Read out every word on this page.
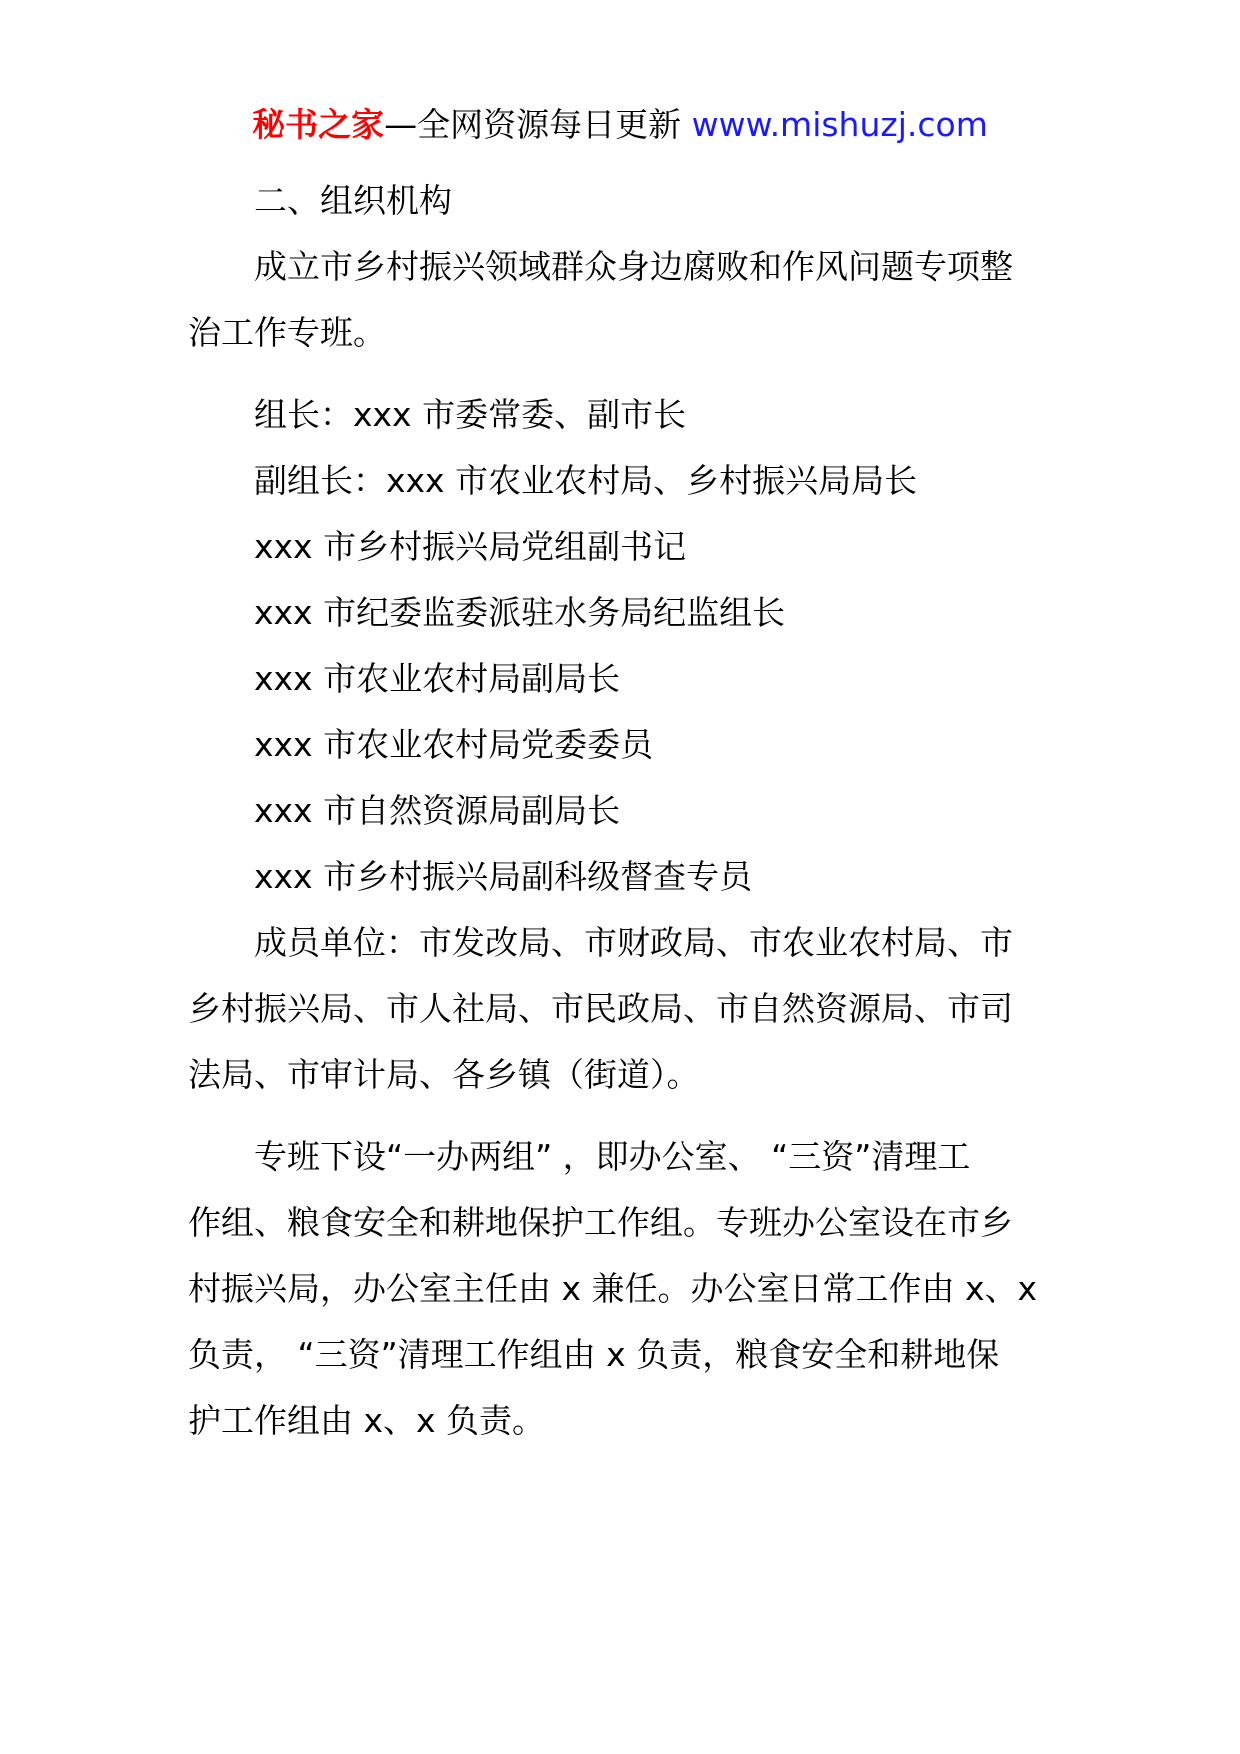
秘书之家—全网资源每日更新 www.mishuzj.com
二、组织机构
成立市乡村振兴领域群众身边腐败和作风问题专项整
治工作专班。
组长：xxx 市委常委、副市长
副组长：xxx 市农业农村局、乡村振兴局局长
xxx 市乡村振兴局党组副书记
xxx 市纪委监委派驻水务局纪监组长
xxx 市农业农村局副局长
xxx 市农业农村局党委委员
xxx 市自然资源局副局长
xxx 市乡村振兴局副科级督查专员
成员单位：市发改局、市财政局、市农业农村局、市
乡村振兴局、市人社局、市民政局、市自然资源局、市司
法局、市审计局、各乡镇（街道）。
专班下设“一办两组” ，即办公室、 “三资”清理工
作组、粮食安全和耕地保护工作组。专班办公室设在市乡
村振兴局，办公室主任由 x 兼任。办公室日常工作由 x、x
负责， “三资”清理工作组由 x 负责，粮食安全和耕地保
护工作组由 x、x 负责。
